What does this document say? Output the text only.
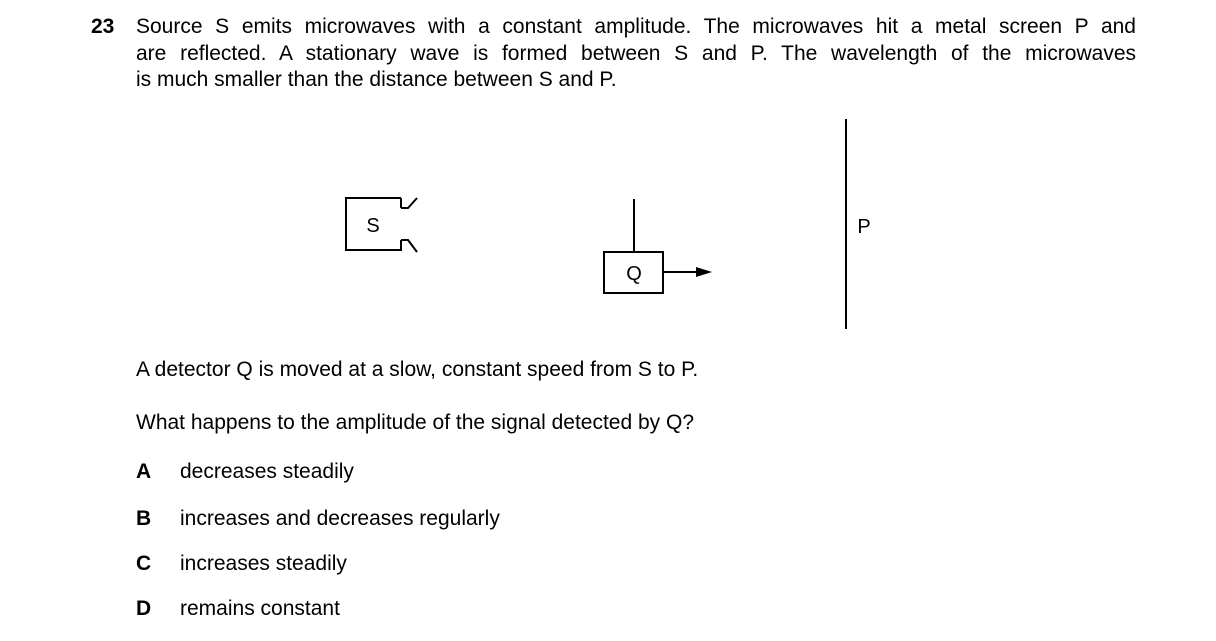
23 Source S emits microwaves with a constant amplitude. The microwaves hit a metal screen P and
are reflected. A stationary wave is formed between S and P. The wavelength of the microwaves
is much smaller than the distance between S and P.

S
Q
P

A detector Q is moved at a slow, constant speed from S to P.

What happens to the amplitude of the signal detected by Q?

A decreases steadily
B increases and decreases regularly
C increases steadily
D remains constant
